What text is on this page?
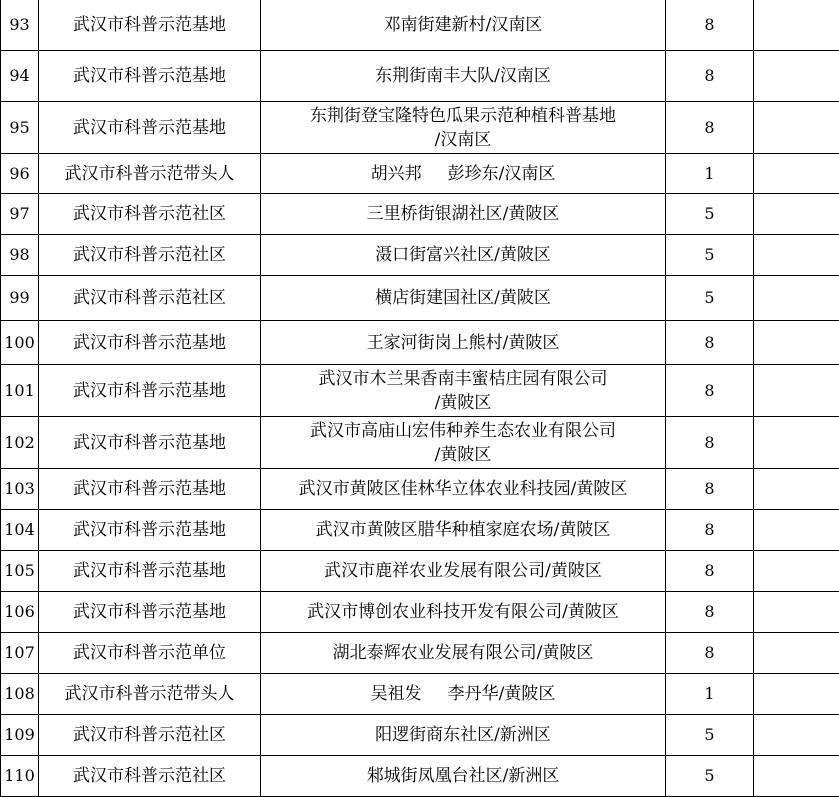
93	武汉市科普示范基地	邓南街建新村/汉南区	8	
94	武汉市科普示范基地	东荆街南丰大队/汉南区	8	
95	武汉市科普示范基地	东荆街登宝隆特色瓜果示范种植科普基地
/汉南区	8	
96	武汉市科普示范带头人	胡兴邦 彭珍东/汉南区	1	
97	武汉市科普示范社区	三里桥街银湖社区/黄陂区	5	
98	武汉市科普示范社区	滠口街富兴社区/黄陂区	5	
99	武汉市科普示范社区	横店街建国社区/黄陂区	5	
100	武汉市科普示范基地	王家河街岗上熊村/黄陂区	8	
101	武汉市科普示范基地	武汉市木兰果香南丰蜜桔庄园有限公司
/黄陂区	8	
102	武汉市科普示范基地	武汉市高庙山宏伟种养生态农业有限公司
/黄陂区	8	
103	武汉市科普示范基地	武汉市黄陂区佳林华立体农业科技园/黄陂区	8	
104	武汉市科普示范基地	武汉市黄陂区腊华种植家庭农场/黄陂区	8	
105	武汉市科普示范基地	武汉市鹿祥农业发展有限公司/黄陂区	8	
106	武汉市科普示范基地	武汉市博创农业科技开发有限公司/黄陂区	8	
107	武汉市科普示范单位	湖北泰辉农业发展有限公司/黄陂区	8	
108	武汉市科普示范带头人	吴祖发 李丹华/黄陂区	1	
109	武汉市科普示范社区	阳逻街商东社区/新洲区	5	
110	武汉市科普示范社区	邾城街凤凰台社区/新洲区	5	
